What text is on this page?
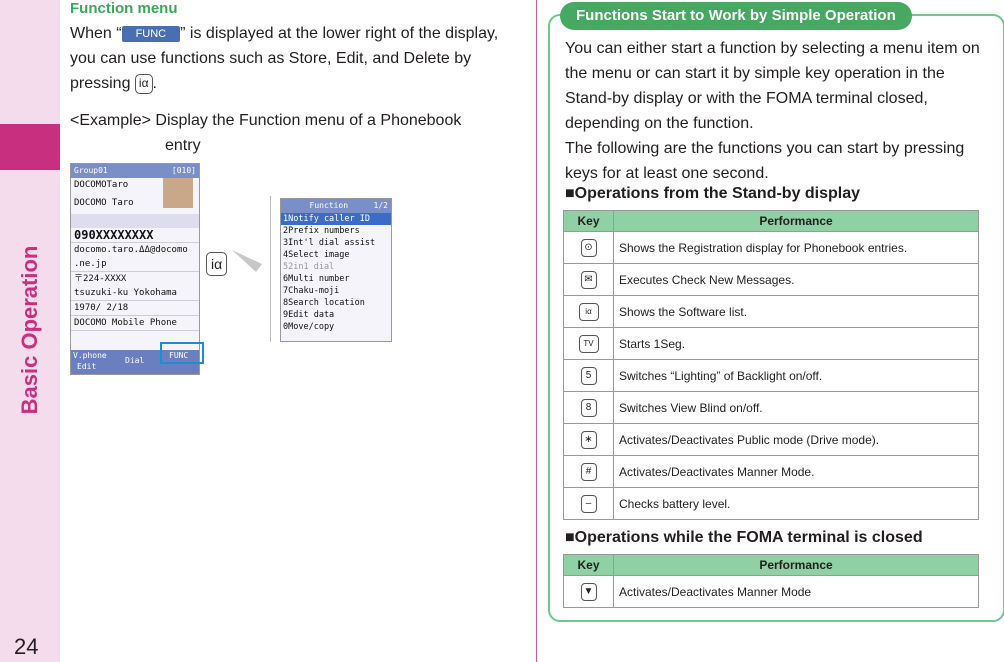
Basic Operation
24
Function menu
When “ FUNC ” is displayed at the lower right of the display, you can use functions such as Store, Edit, and Delete by pressing iα .
<Example> Display the Function menu of a Phonebook
entry
Group01	[010]
DOCOMOTaro
DOCOMO Taro
090XXXXXXXX
docomo.taro.ΔΔ@docomo
.ne.jp
〒224-XXXX
tsuzuki-ku Yokohama
1970/ 2/18
DOCOMO Mobile Phone
V.phone
Edit
Dial
FUNC
iα
Function	1/2
1Notify caller ID
2Prefix numbers
3Int'l dial assist
4Select image
52in1 dial
6Multi number
7Chaku-moji
8Search location
9Edit data
0Move/copy
Functions Start to Work by Simple Operation
You can either start a function by selecting a menu item on the menu or can start it by simple key operation in the Stand-by display or with the FOMA terminal closed, depending on the function.
The following are the functions you can start by pressing keys for at least one second.
■Operations from the Stand-by display
Key	Performance
⊙	Shows the Registration display for Phonebook entries.
✉	Executes Check New Messages.
iα	Shows the Software list.
TV	Starts 1Seg.
5	Switches “Lighting” of Backlight on/off.
8	Switches View Blind on/off.
∗	Activates/Deactivates Public mode (Drive mode).
#	Activates/Deactivates Manner Mode.
–	Checks battery level.
■Operations while the FOMA terminal is closed
Key	Performance
▼	Activates/Deactivates Manner Mode
